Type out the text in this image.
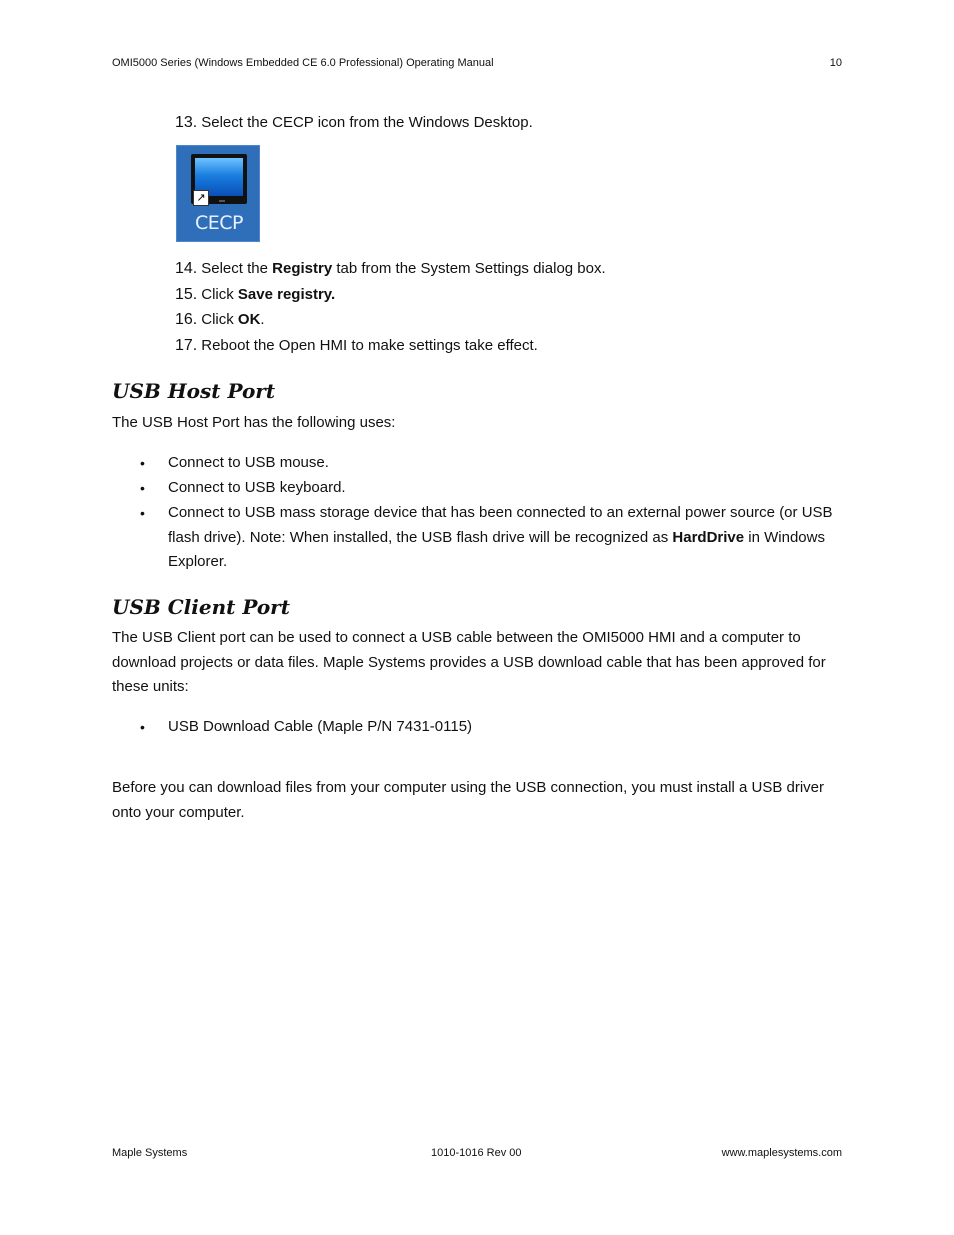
OMI5000 Series (Windows Embedded CE 6.0 Professional) Operating Manual	10
13. Select the CECP icon from the Windows Desktop.
↗
CECP
14. Select the Registry tab from the System Settings dialog box.
15. Click Save registry.
16. Click OK.
17. Reboot the Open HMI to make settings take effect.
USB Host Port

The USB Host Port has the following uses:

• Connect to USB mouse.
• Connect to USB keyboard.
• Connect to USB mass storage device that has been connected to an external power source (or USB flash drive). Note: When installed, the USB flash drive will be recognized as HardDrive in Windows Explorer.
USB Client Port

The USB Client port can be used to connect a USB cable between the OMI5000 HMI and a computer to download projects or data files. Maple Systems provides a USB download cable that has been approved for these units:

• USB Download Cable (Maple P/N 7431-0115)

Before you can download files from your computer using the USB connection, you must install a USB driver onto your computer.

Maple Systems	1010-1016 Rev 00	www.maplesystems.com
